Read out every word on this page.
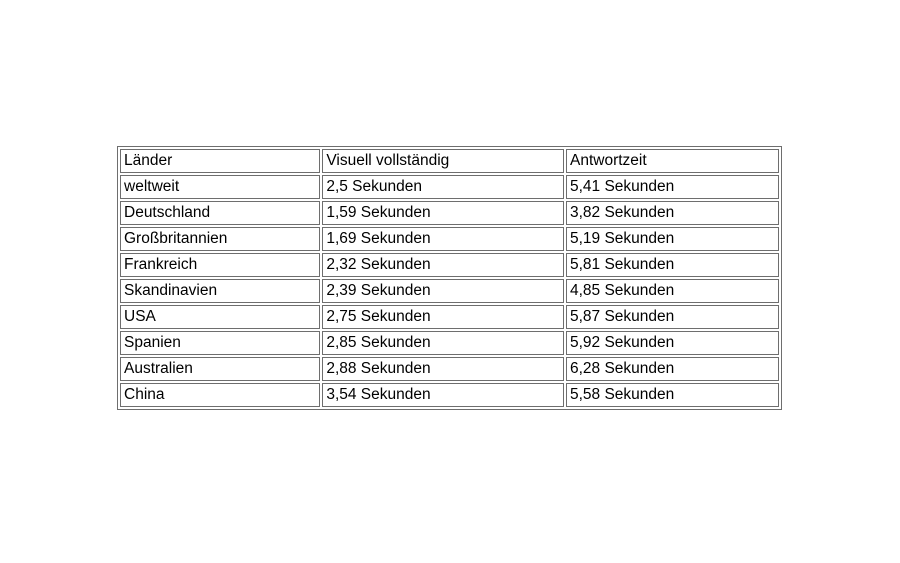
Länder	Visuell vollständig	Antwortzeit
weltweit	2,5 Sekunden	5,41 Sekunden
Deutschland	1,59 Sekunden	3,82 Sekunden
Großbritannien	1,69 Sekunden	5,19 Sekunden
Frankreich	2,32 Sekunden	5,81 Sekunden
Skandinavien	2,39 Sekunden	4,85 Sekunden
USA	2,75 Sekunden	5,87 Sekunden
Spanien	2,85 Sekunden	5,92 Sekunden
Australien	2,88 Sekunden	6,28 Sekunden
China	3,54 Sekunden	5,58 Sekunden
